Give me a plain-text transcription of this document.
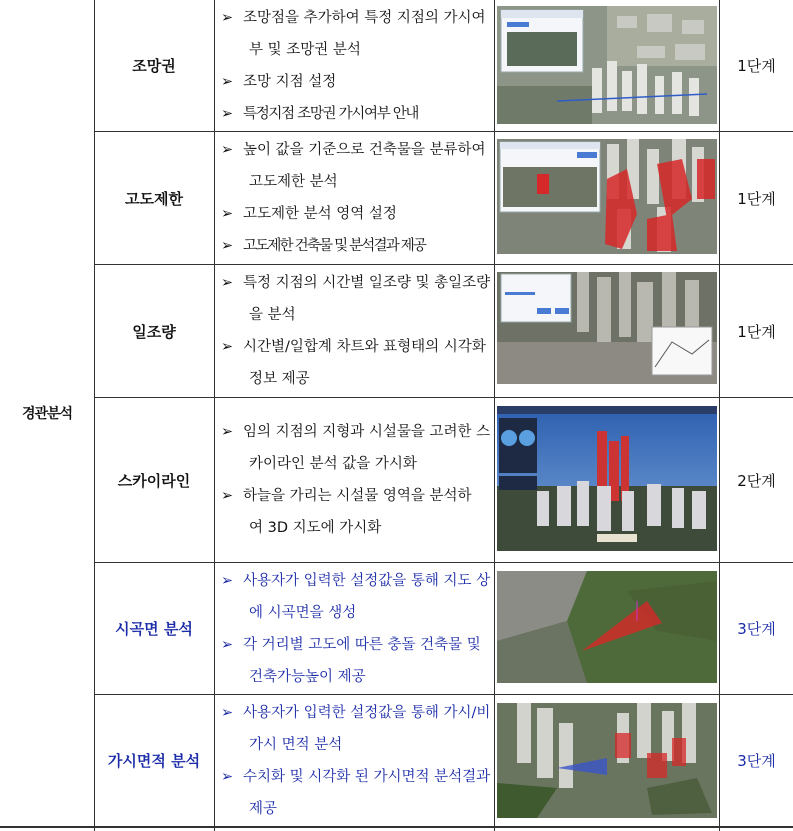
경관분석
조망권
➢ 조망점을 추가하여 특정 지점의 가시여
부 및 조망권 분석
➢ 조망 지점 설정
➢ 특정지점 조망권 가시여부 안내
1단계
고도제한
➢ 높이 값을 기준으로 건축물을 분류하여
고도제한 분석
➢ 고도제한 분석 영역 설정
➢ 고도제한 건축물 및 분석결과 제공
1단계
일조량
➢ 특정 지점의 시간별 일조량 및 총일조량
을 분석
➢ 시간별/일합계 차트와 표형태의 시각화
정보 제공
1단계
스카이라인
➢ 임의 지점의 지형과 시설물을 고려한 스
카이라인 분석 값을 가시화
➢ 하늘을 가리는 시설물 영역을 분석하
여 3D 지도에 가시화
2단계
시곡면 분석
➢ 사용자가 입력한 설정값을 통해 지도 상
에 시곡면을 생성
➢ 각 거리별 고도에 따른 충돌 건축물 및
건축가능높이 제공
3단계
가시면적 분석
➢ 사용자가 입력한 설정값을 통해 가시/비
가시 면적 분석
➢ 수치화 및 시각화 된 가시면적 분석결과
제공
3단계
